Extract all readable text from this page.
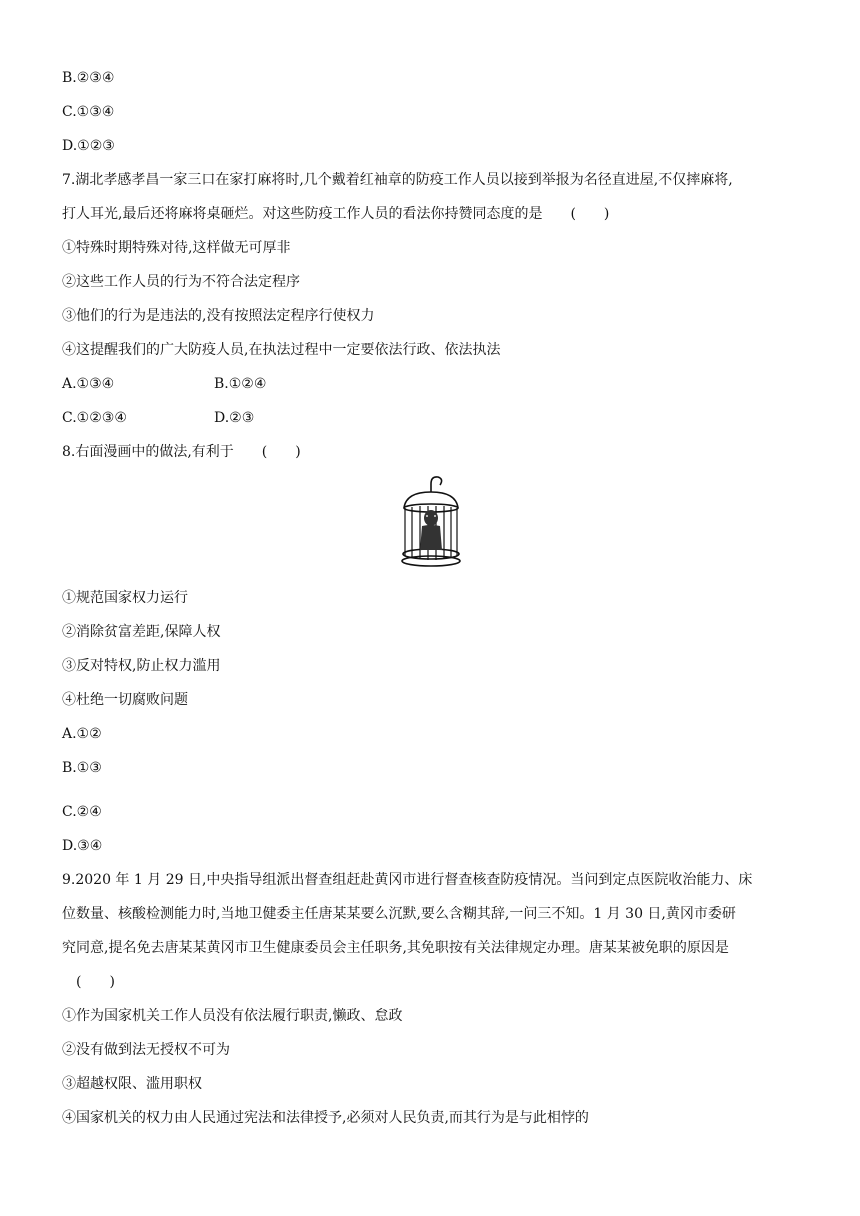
B.②③④
C.①③④
D.①②③
7.湖北孝感孝昌一家三口在家打麻将时,几个戴着红袖章的防疫工作人员以接到举报为名径直进屋,不仅摔麻将,
打人耳光,最后还将麻将桌砸烂。对这些防疫工作人员的看法你持赞同态度的是　　(　　)
①特殊时期特殊对待,这样做无可厚非
②这些工作人员的行为不符合法定程序
③他们的行为是违法的,没有按照法定程序行使权力
④这提醒我们的广大防疫人员,在执法过程中一定要依法行政、依法执法
A.①③④	B.①②④
C.①②③④	D.②③
8.右面漫画中的做法,有利于　　(　　)
①规范国家权力运行
②消除贫富差距,保障人权
③反对特权,防止权力滥用
④杜绝一切腐败问题
A.①②
B.①③
C.②④
D.③④
9.2020 年 1 月 29 日,中央指导组派出督查组赶赴黄冈市进行督查核查防疫情况。当问到定点医院收治能力、床
位数量、核酸检测能力时,当地卫健委主任唐某某要么沉默,要么含糊其辞,一问三不知。1 月 30 日,黄冈市委研
究同意,提名免去唐某某黄冈市卫生健康委员会主任职务,其免职按有关法律规定办理。唐某某被免职的原因是
　(　　)
①作为国家机关工作人员没有依法履行职责,懒政、怠政
②没有做到法无授权不可为
③超越权限、滥用职权
④国家机关的权力由人民通过宪法和法律授予,必须对人民负责,而其行为是与此相悖的
